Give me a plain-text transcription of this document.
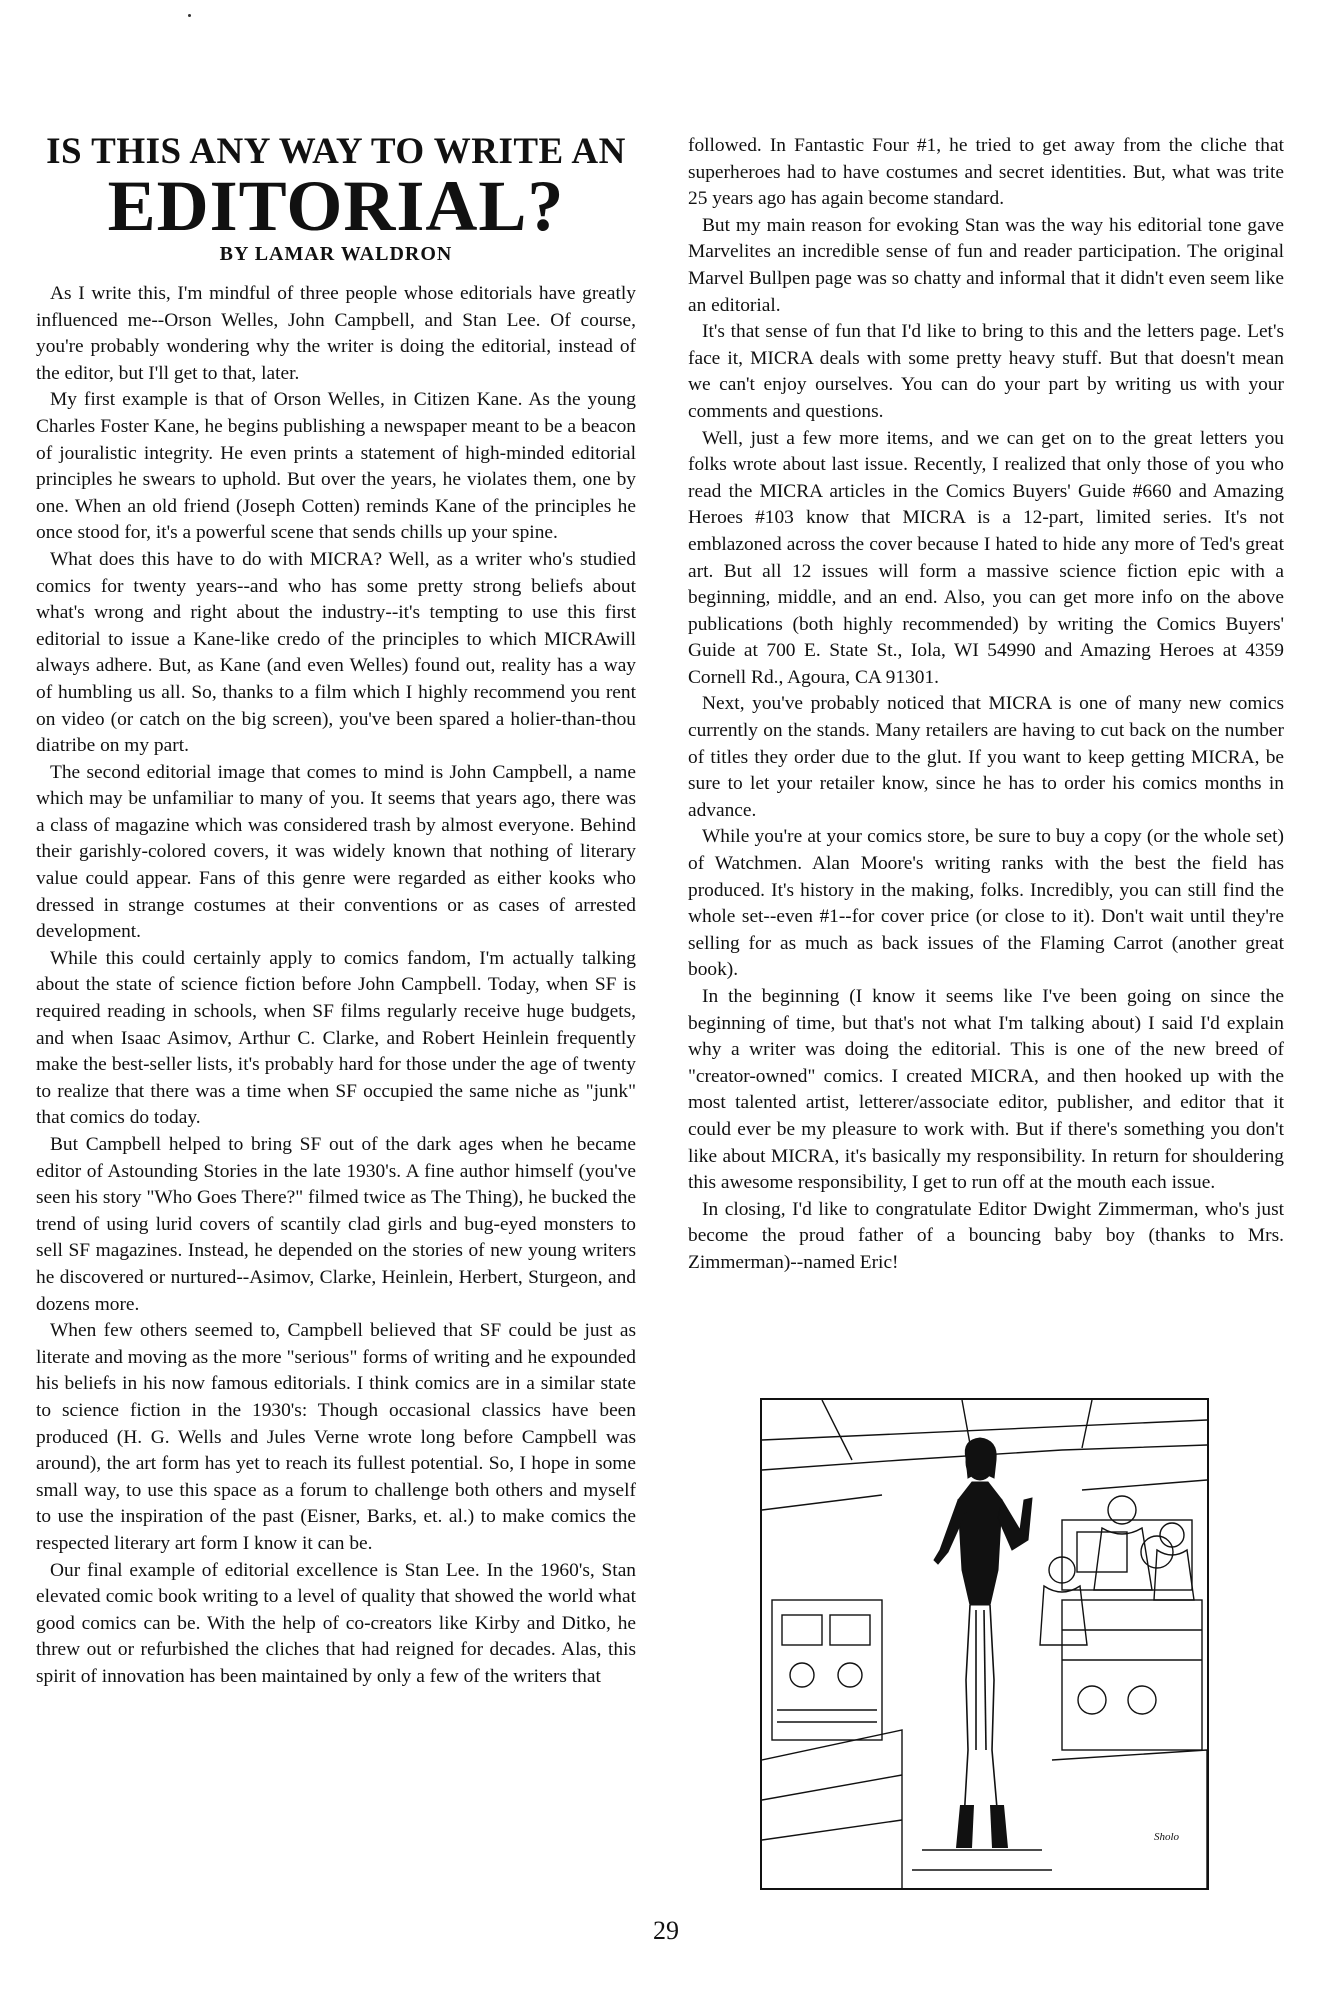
IS THIS ANY WAY TO WRITE AN
EDITORIAL?
BY LAMAR WALDRON

As I write this, I'm mindful of three people whose editorials have greatly influenced me--Orson Welles, John Campbell, and Stan Lee. Of course, you're probably wondering why the writer is doing the editorial, instead of the editor, but I'll get to that, later.

My first example is that of Orson Welles, in Citizen Kane. As the young Charles Foster Kane, he begins publishing a newspaper meant to be a beacon of jouralistic integrity. He even prints a statement of high-minded editorial principles he swears to uphold. But over the years, he violates them, one by one. When an old friend (Joseph Cotten) reminds Kane of the principles he once stood for, it's a powerful scene that sends chills up your spine.

What does this have to do with MICRA? Well, as a writer who's studied comics for twenty years--and who has some pretty strong beliefs about what's wrong and right about the industry--it's tempting to use this first editorial to issue a Kane-like credo of the principles to which MICRAwill always adhere. But, as Kane (and even Welles) found out, reality has a way of humbling us all. So, thanks to a film which I highly recommend you rent on video (or catch on the big screen), you've been spared a holier-than-thou diatribe on my part.

The second editorial image that comes to mind is John Campbell, a name which may be unfamiliar to many of you. It seems that years ago, there was a class of magazine which was considered trash by almost everyone. Behind their garishly-colored covers, it was widely known that nothing of literary value could appear. Fans of this genre were regarded as either kooks who dressed in strange costumes at their conventions or as cases of arrested development.

While this could certainly apply to comics fandom, I'm actually talking about the state of science fiction before John Campbell. Today, when SF is required reading in schools, when SF films regularly receive huge budgets, and when Isaac Asimov, Arthur C. Clarke, and Robert Heinlein frequently make the best-seller lists, it's probably hard for those under the age of twenty to realize that there was a time when SF occupied the same niche as "junk" that comics do today.

But Campbell helped to bring SF out of the dark ages when he became editor of Astounding Stories in the late 1930's. A fine author himself (you've seen his story "Who Goes There?" filmed twice as The Thing), he bucked the trend of using lurid covers of scantily clad girls and bug-eyed monsters to sell SF magazines. Instead, he depended on the stories of new young writers he discovered or nurtured--Asimov, Clarke, Heinlein, Herbert, Sturgeon, and dozens more.

When few others seemed to, Campbell believed that SF could be just as literate and moving as the more "serious" forms of writing and he expounded his beliefs in his now famous editorials. I think comics are in a similar state to science fiction in the 1930's: Though occasional classics have been produced (H. G. Wells and Jules Verne wrote long before Campbell was around), the art form has yet to reach its fullest potential. So, I hope in some small way, to use this space as a forum to challenge both others and myself to use the inspiration of the past (Eisner, Barks, et. al.) to make comics the respected literary art form I know it can be.

Our final example of editorial excellence is Stan Lee. In the 1960's, Stan elevated comic book writing to a level of quality that showed the world what good comics can be. With the help of co-creators like Kirby and Ditko, he threw out or refurbished the cliches that had reigned for decades. Alas, this spirit of innovation has been maintained by only a few of the writers that

followed. In Fantastic Four #1, he tried to get away from the cliche that superheroes had to have costumes and secret identities. But, what was trite 25 years ago has again become standard.

But my main reason for evoking Stan was the way his editorial tone gave Marvelites an incredible sense of fun and reader participation. The original Marvel Bullpen page was so chatty and informal that it didn't even seem like an editorial.

It's that sense of fun that I'd like to bring to this and the letters page. Let's face it, MICRA deals with some pretty heavy stuff. But that doesn't mean we can't enjoy ourselves. You can do your part by writing us with your comments and questions.

Well, just a few more items, and we can get on to the great letters you folks wrote about last issue. Recently, I realized that only those of you who read the MICRA articles in the Comics Buyers' Guide #660 and Amazing Heroes #103 know that MICRA is a 12-part, limited series. It's not emblazoned across the cover because I hated to hide any more of Ted's great art. But all 12 issues will form a massive science fiction epic with a beginning, middle, and an end. Also, you can get more info on the above publications (both highly recommended) by writing the Comics Buyers' Guide at 700 E. State St., Iola, WI 54990 and Amazing Heroes at 4359 Cornell Rd., Agoura, CA 91301.

Next, you've probably noticed that MICRA is one of many new comics currently on the stands. Many retailers are having to cut back on the number of titles they order due to the glut. If you want to keep getting MICRA, be sure to let your retailer know, since he has to order his comics months in advance.

While you're at your comics store, be sure to buy a copy (or the whole set) of Watchmen. Alan Moore's writing ranks with the best the field has produced. It's history in the making, folks. Incredibly, you can still find the whole set--even #1--for cover price (or close to it). Don't wait until they're selling for as much as back issues of the Flaming Carrot (another great book).

In the beginning (I know it seems like I've been going on since the beginning of time, but that's not what I'm talking about) I said I'd explain why a writer was doing the editorial. This is one of the new breed of "creator-owned" comics. I created MICRA, and then hooked up with the most talented artist, letterer/associate editor, publisher, and editor that it could ever be my pleasure to work with. But if there's something you don't like about MICRA, it's basically my responsibility. In return for shouldering this awesome responsibility, I get to run off at the mouth each issue.

In closing, I'd like to congratulate Editor Dwight Zimmerman, who's just become the proud father of a bouncing baby boy (thanks to Mrs. Zimmerman)--named Eric!

Sholo
29
